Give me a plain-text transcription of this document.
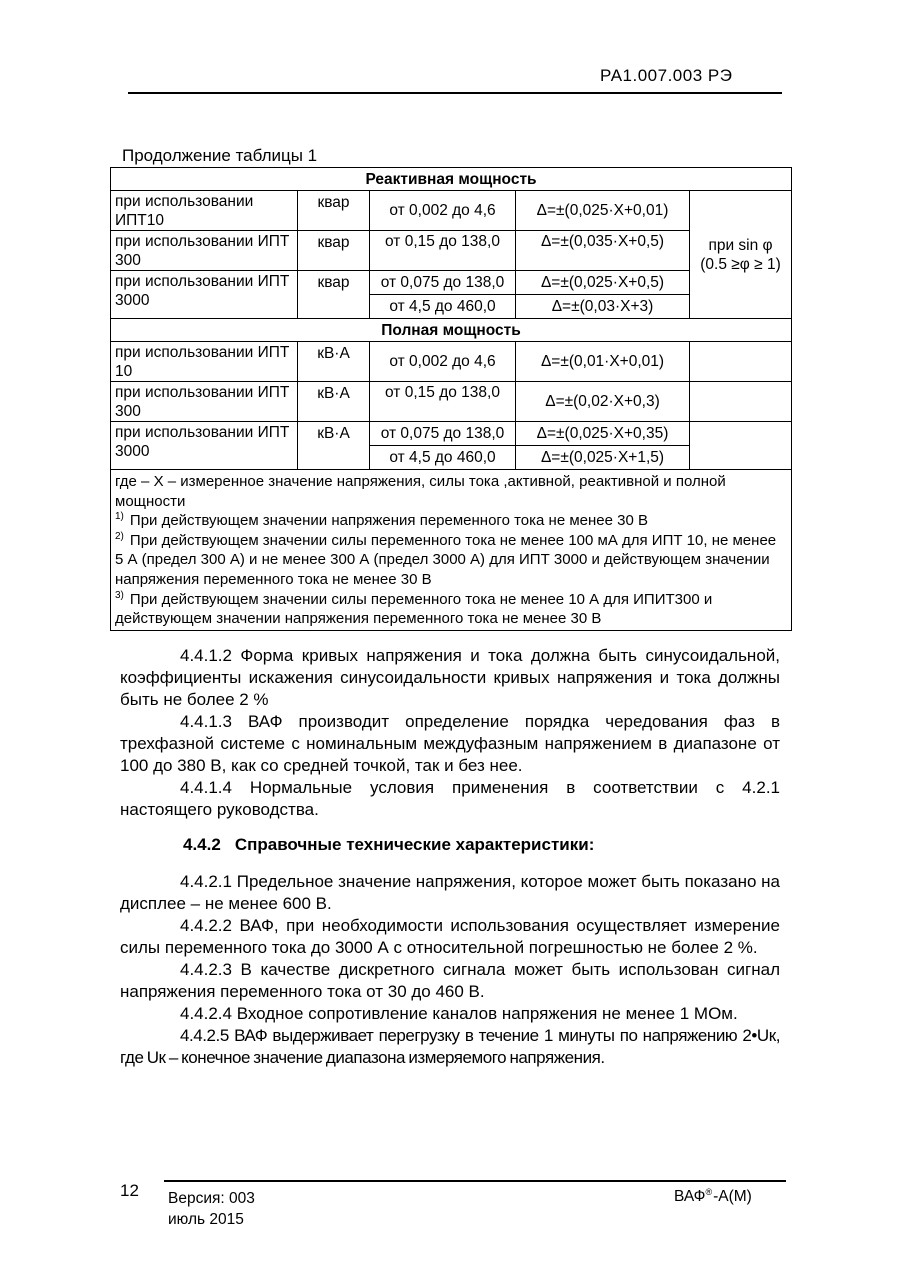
РА1.007.003 РЭ
Продолжение таблицы 1
Реактивная мощность				
при использовании ИПТ10	квар	от 0,002 до 4,6	Δ=±(0,025·X+0,01)	при sin φ (0.5 ≥φ ≥ 1)
при использовании ИПТ 300	квар	от 0,15 до 138,0	Δ=±(0,035·X+0,5)	
при использовании ИПТ 3000	квар	от 0,075 до 138,0	Δ=±(0,025·X+0,5)	
		от 4,5 до 460,0	Δ=±(0,03·X+3)	
Полная мощность				
при использовании ИПТ 10	кВ·А	от 0,002 до 4,6	Δ=±(0,01·X+0,01)	
при использовании ИПТ 300	кВ·А	от 0,15 до 138,0	Δ=±(0,02·X+0,3)	
при использовании ИПТ 3000	кВ·А	от 0,075 до 138,0	Δ=±(0,025·X+0,35)	
		от 4,5 до 460,0	Δ=±(0,025·X+1,5)	

где – X – измеренное значение напряжения, силы тока ,активной, реактивной и полной мощности
$^{1)}$ При действующем значении напряжения переменного тока не менее 30 В
$^{2)}$ При действующем значении силы переменного тока не менее 100 мА для ИПТ 10, не менее 5 А (предел 300 А) и не менее 300 А (предел 3000 А) для ИПТ 3000 и действующем значении напряжения переменного тока не менее 30 В
$^{3)}$ При действующем значении силы переменного тока не менее 10 А для ИПИТ300 и действующем значении напряжения переменного тока не менее 30 В				

4.4.1.2 Форма кривых напряжения и тока должна быть синусоидальной, коэффициенты искажения синусоидальности кривых напряжения и тока должны быть не более 2 %

4.4.1.3 ВАФ производит определение порядка чередования фаз в трехфазной системе с номинальным междуфазным напряжением в диапазоне от 100 до 380 В, как со средней точкой, так и без нее.

4.4.1.4 Нормальные условия применения в соответствии с 4.2.1 настоящего руководства.

4.4.2 Справочные технические характеристики:

4.4.2.1 Предельное значение напряжения, которое может быть показано на дисплее – не менее 600 В.

4.4.2.2 ВАФ, при необходимости использования осуществляет измерение силы переменного тока до 3000 А с относительной погрешностью не более 2 %.

4.4.2.3 В качестве дискретного сигнала может быть использован сигнал напряжения переменного тока от 30 до 460 В.

4.4.2.4 Входное сопротивление каналов напряжения не менее 1 МОм.

4.4.2.5 ВАФ выдерживает перегрузку в течение 1 минуты по напряжению 2•Uк, где Uк – конечное значение диапазона измеряемого напряжения.

12 Версия: 003
июль 2015
ВАФ®-А(М)
